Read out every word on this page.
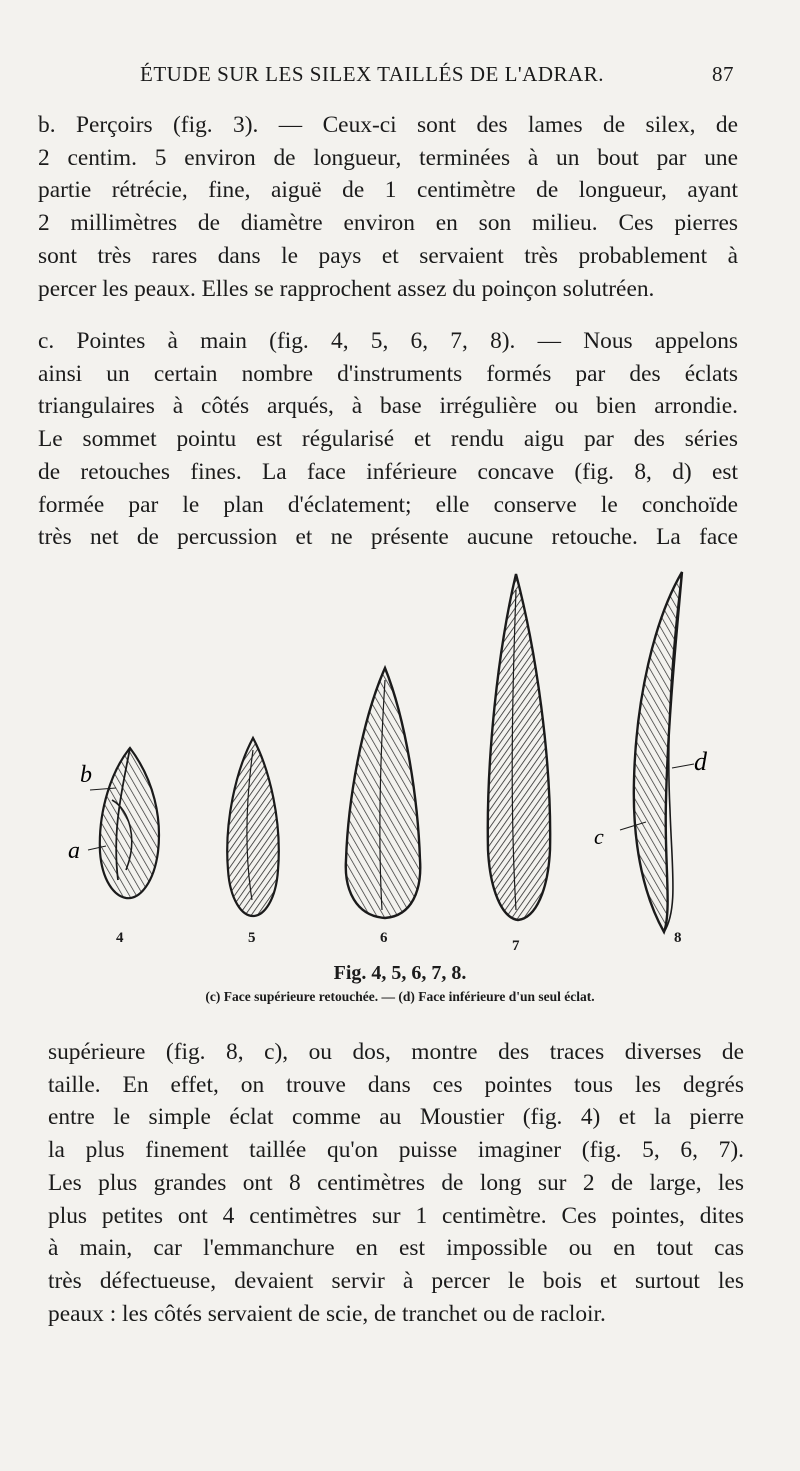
ÉTUDE SUR LES SILEX TAILLÉS DE L'ADRAR.	87
b. Perçoirs (fig. 3). — Ceux-ci sont des lames de silex, de
2 centim. 5 environ de longueur, terminées à un bout par une
partie rétrécie, fine, aiguë de 1 centimètre de longueur, ayant
2 millimètres de diamètre environ en son milieu. Ces pierres
sont très rares dans le pays et servaient très probablement à
percer les peaux. Elles se rapprochent assez du poinçon solutréen.
c. Pointes à main (fig. 4, 5, 6, 7, 8). — Nous appelons
ainsi un certain nombre d'instruments formés par des éclats
triangulaires à côtés arqués, à base irrégulière ou bien arrondie.
Le sommet pointu est régularisé et rendu aigu par des séries
de retouches fines. La face inférieure concave (fig. 8, d) est
formée par le plan d'éclatement; elle conserve le conchoïde
très net de percussion et ne présente aucune retouche. La face
b
a
d
c
4	5	6	7	8
Fig. 4, 5, 6, 7, 8.
(c) Face supérieure retouchée. — (d) Face inférieure d'un seul éclat.
supérieure (fig. 8, c), ou dos, montre des traces diverses de
taille. En effet, on trouve dans ces pointes tous les degrés
entre le simple éclat comme au Moustier (fig. 4) et la pierre
la plus finement taillée qu'on puisse imaginer (fig. 5, 6, 7).
Les plus grandes ont 8 centimètres de long sur 2 de large, les
plus petites ont 4 centimètres sur 1 centimètre. Ces pointes, dites
à main, car l'emmanchure en est impossible ou en tout cas
très défectueuse, devaient servir à percer le bois et surtout les
peaux : les côtés servaient de scie, de tranchet ou de racloir.
